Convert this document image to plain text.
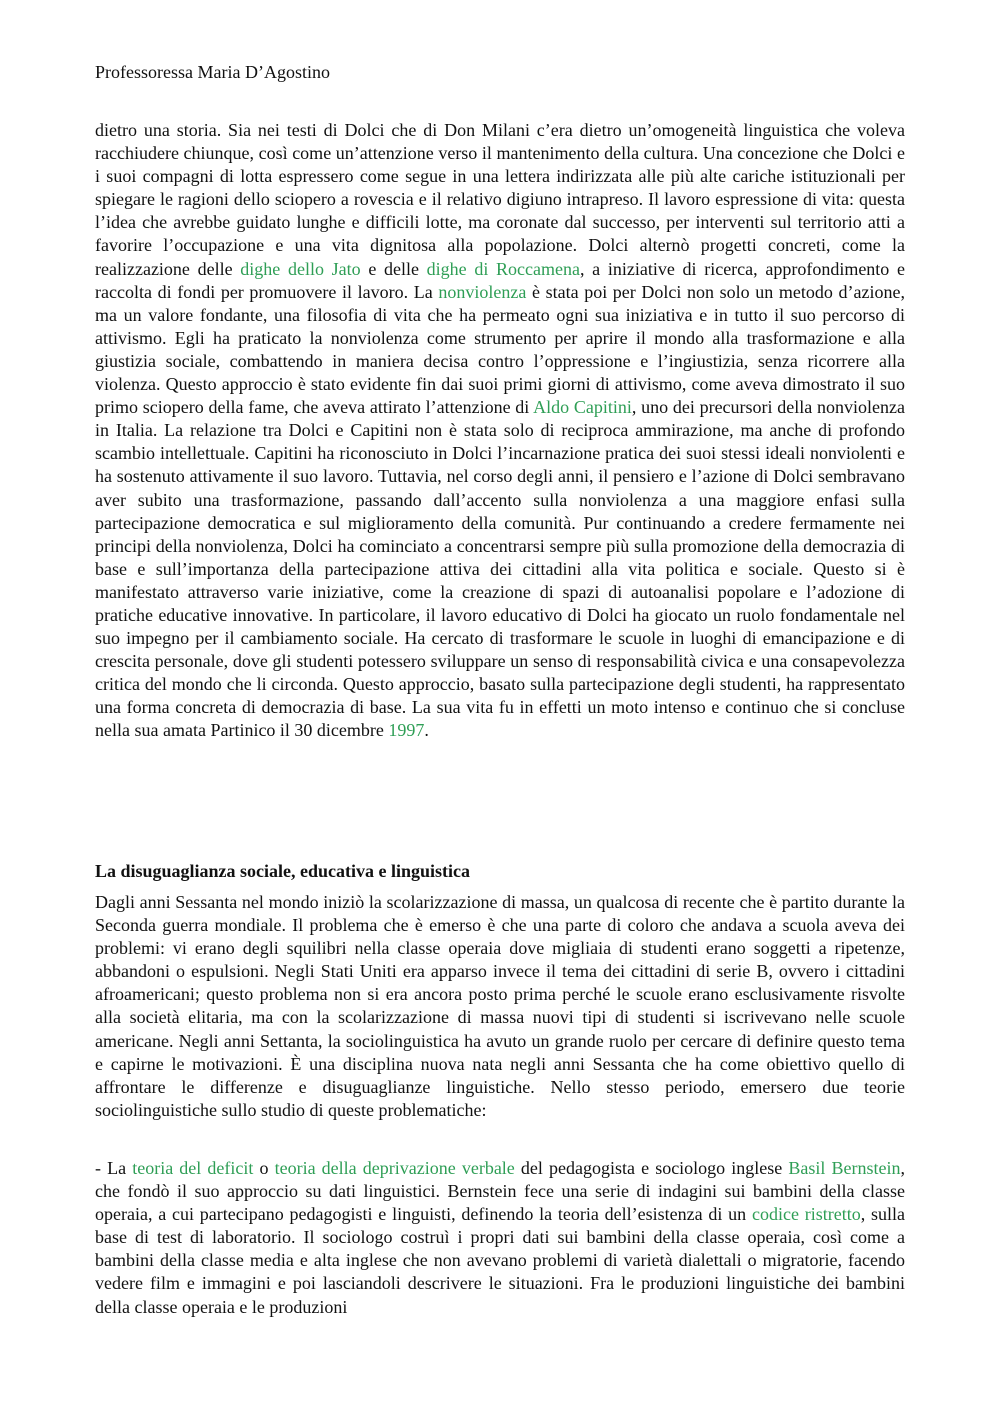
Professoressa Maria D’Agostino

dietro una storia. Sia nei testi di Dolci che di Don Milani c’era dietro un’omogeneità linguistica che voleva racchiudere chiunque, così come un’attenzione verso il mantenimento della cultura. Una concezione che Dolci e i suoi compagni di lotta espressero come segue in una lettera indirizzata alle più alte cariche istituzionali per spiegare le ragioni dello sciopero a rovescia e il relativo digiuno intrapreso. Il lavoro espressione di vita: questa l’idea che avrebbe guidato lunghe e difficili lotte, ma coronate dal successo, per interventi sul territorio atti a favorire l’occupazione e una vita dignitosa alla popolazione. Dolci alternò progetti concreti, come la realizzazione delle dighe dello Jato e delle dighe di Roccamena, a iniziative di ricerca, approfondimento e raccolta di fondi per promuovere il lavoro. La nonviolenza è stata poi per Dolci non solo un metodo d’azione, ma un valore fondante, una filosofia di vita che ha permeato ogni sua iniziativa e in tutto il suo percorso di attivismo. Egli ha praticato la nonviolenza come strumento per aprire il mondo alla trasformazione e alla giustizia sociale, combattendo in maniera decisa contro l’oppressione e l’ingiustizia, senza ricorrere alla violenza. Questo approccio è stato evidente fin dai suoi primi giorni di attivismo, come aveva dimostrato il suo primo sciopero della fame, che aveva attirato l’attenzione di Aldo Capitini, uno dei precursori della nonviolenza in Italia. La relazione tra Dolci e Capitini non è stata solo di reciproca ammirazione, ma anche di profondo scambio intellettuale. Capitini ha riconosciuto in Dolci l’incarnazione pratica dei suoi stessi ideali nonviolenti e ha sostenuto attivamente il suo lavoro. Tuttavia, nel corso degli anni, il pensiero e l’azione di Dolci sembravano aver subito una trasformazione, passando dall’accento sulla nonviolenza a una maggiore enfasi sulla partecipazione democratica e sul miglioramento della comunità. Pur continuando a credere fermamente nei principi della nonviolenza, Dolci ha cominciato a concentrarsi sempre più sulla promozione della democrazia di base e sull’importanza della partecipazione attiva dei cittadini alla vita politica e sociale. Questo si è manifestato attraverso varie iniziative, come la creazione di spazi di autoanalisi popolare e l’adozione di pratiche educative innovative. In particolare, il lavoro educativo di Dolci ha giocato un ruolo fondamentale nel suo impegno per il cambiamento sociale. Ha cercato di trasformare le scuole in luoghi di emancipazione e di crescita personale, dove gli studenti potessero sviluppare un senso di responsabilità civica e una consapevolezza critica del mondo che li circonda. Questo approccio, basato sulla partecipazione degli studenti, ha rappresentato una forma concreta di democrazia di base. La sua vita fu in effetti un moto intenso e continuo che si concluse nella sua amata Partinico il 30 dicembre 1997.

La disuguaglianza sociale, educativa e linguistica

Dagli anni Sessanta nel mondo iniziò la scolarizzazione di massa, un qualcosa di recente che è partito durante la Seconda guerra mondiale. Il problema che è emerso è che una parte di coloro che andava a scuola aveva dei problemi: vi erano degli squilibri nella classe operaia dove migliaia di studenti erano soggetti a ripetenze, abbandoni o espulsioni. Negli Stati Uniti era apparso invece il tema dei cittadini di serie B, ovvero i cittadini afroamericani; questo problema non si era ancora posto prima perché le scuole erano esclusivamente risvolte alla società elitaria, ma con la scolarizzazione di massa nuovi tipi di studenti si iscrivevano nelle scuole americane. Negli anni Settanta, la sociolinguistica ha avuto un grande ruolo per cercare di definire questo tema e capirne le motivazioni. È una disciplina nuova nata negli anni Sessanta che ha come obiettivo quello di affrontare le differenze e disuguaglianze linguistiche. Nello stesso periodo, emersero due teorie sociolinguistiche sullo studio di queste problematiche:

- La teoria del deficit o teoria della deprivazione verbale del pedagogista e sociologo inglese Basil Bernstein, che fondò il suo approccio su dati linguistici. Bernstein fece una serie di indagini sui bambini della classe operaia, a cui partecipano pedagogisti e linguisti, definendo la teoria dell’esistenza di un codice ristretto, sulla base di test di laboratorio. Il sociologo costruì i propri dati sui bambini della classe operaia, così come a bambini della classe media e alta inglese che non avevano problemi di varietà dialettali o migratorie, facendo vedere film e immagini e poi lasciandoli descrivere le situazioni. Fra le produzioni linguistiche dei bambini della classe operaia e le produzioni
